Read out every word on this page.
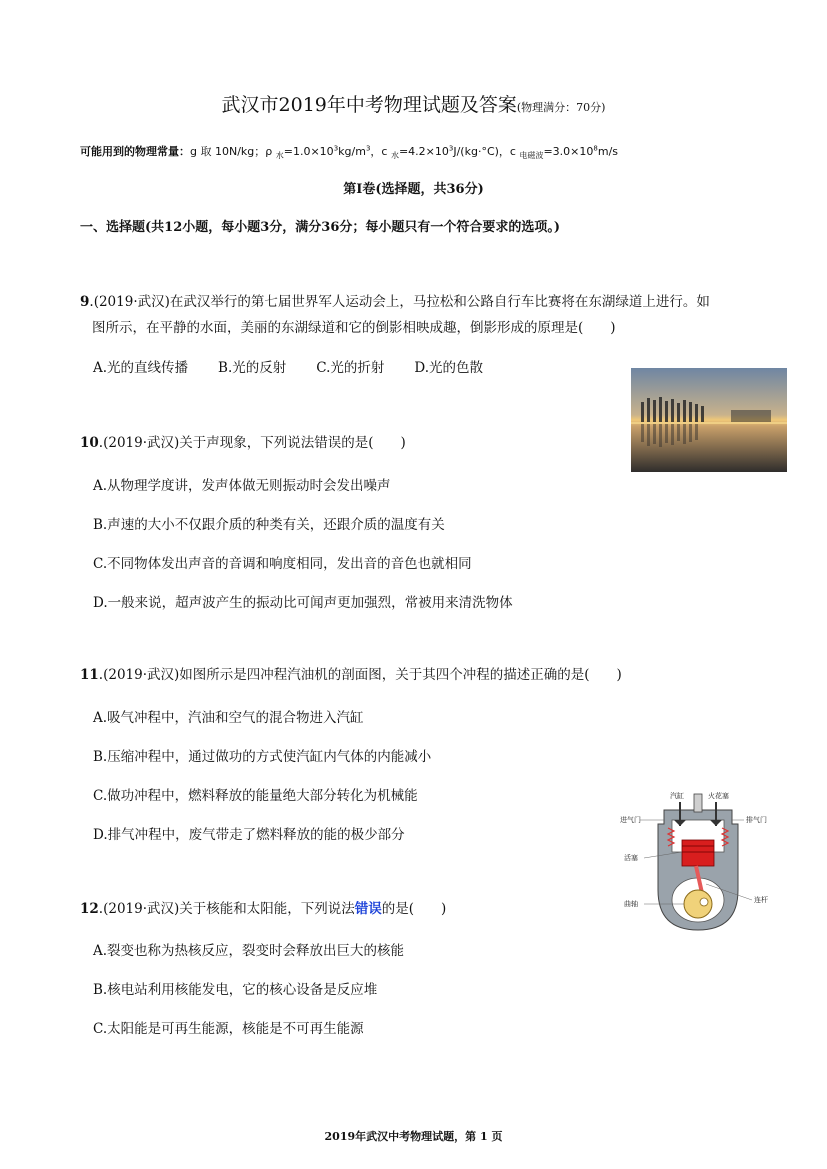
武汉市2019年中考物理试题及答案(物理满分：70分)
可能用到的物理常量：g 取 10N/kg；ρ $_水=1.0\times 10^3kg/m^3$，c $_水=4.2\times 10^3J/(kg\cdot^\circ C)$，c $_{电磁波}=3.0\times 10^8m/s$
第Ⅰ卷(选择题，共36分)
一、选择题(共12小题，每小题3分，满分36分；每小题只有一个符合要求的选项。)
9.(2019·武汉)在武汉举行的第七届世界军人运动会上，马拉松和公路自行车比赛将在东湖绿道上进行。如
图所示，在平静的水面，美丽的东湖绿道和它的倒影相映成趣，倒影形成的原理是(　　)
A.光的直线传播 B.光的反射 C.光的折射 D.光的色散
10.(2019·武汉)关于声现象，下列说法错误的是(　　)
A.从物理学度讲，发声体做无则振动时会发出噪声
B.声速的大小不仅跟介质的种类有关，还跟介质的温度有关
C.不同物体发出声音的音调和响度相同，发出音的音色也就相同
D.一般来说，超声波产生的振动比可闻声更加强烈，常被用来清洗物体
11.(2019·武汉)如图所示是四冲程汽油机的剖面图，关于其四个冲程的描述正确的是(　　)
A.吸气冲程中，汽油和空气的混合物进入汽缸
B.压缩冲程中，通过做功的方式使汽缸内气体的内能减小
C.做功冲程中，燃料释放的能量绝大部分转化为机械能
D.排气冲程中，废气带走了燃料释放的能的极少部分
汽缸	火花塞
进气门	排气门
活塞
连杆
曲轴
12.(2019·武汉)关于核能和太阳能，下列说法错误的是(　　)
A.裂变也称为热核反应，裂变时会释放出巨大的核能
B.核电站利用核能发电，它的核心设备是反应堆
C.太阳能是可再生能源，核能是不可再生能源
2019年武汉中考物理试题，第 1 页
